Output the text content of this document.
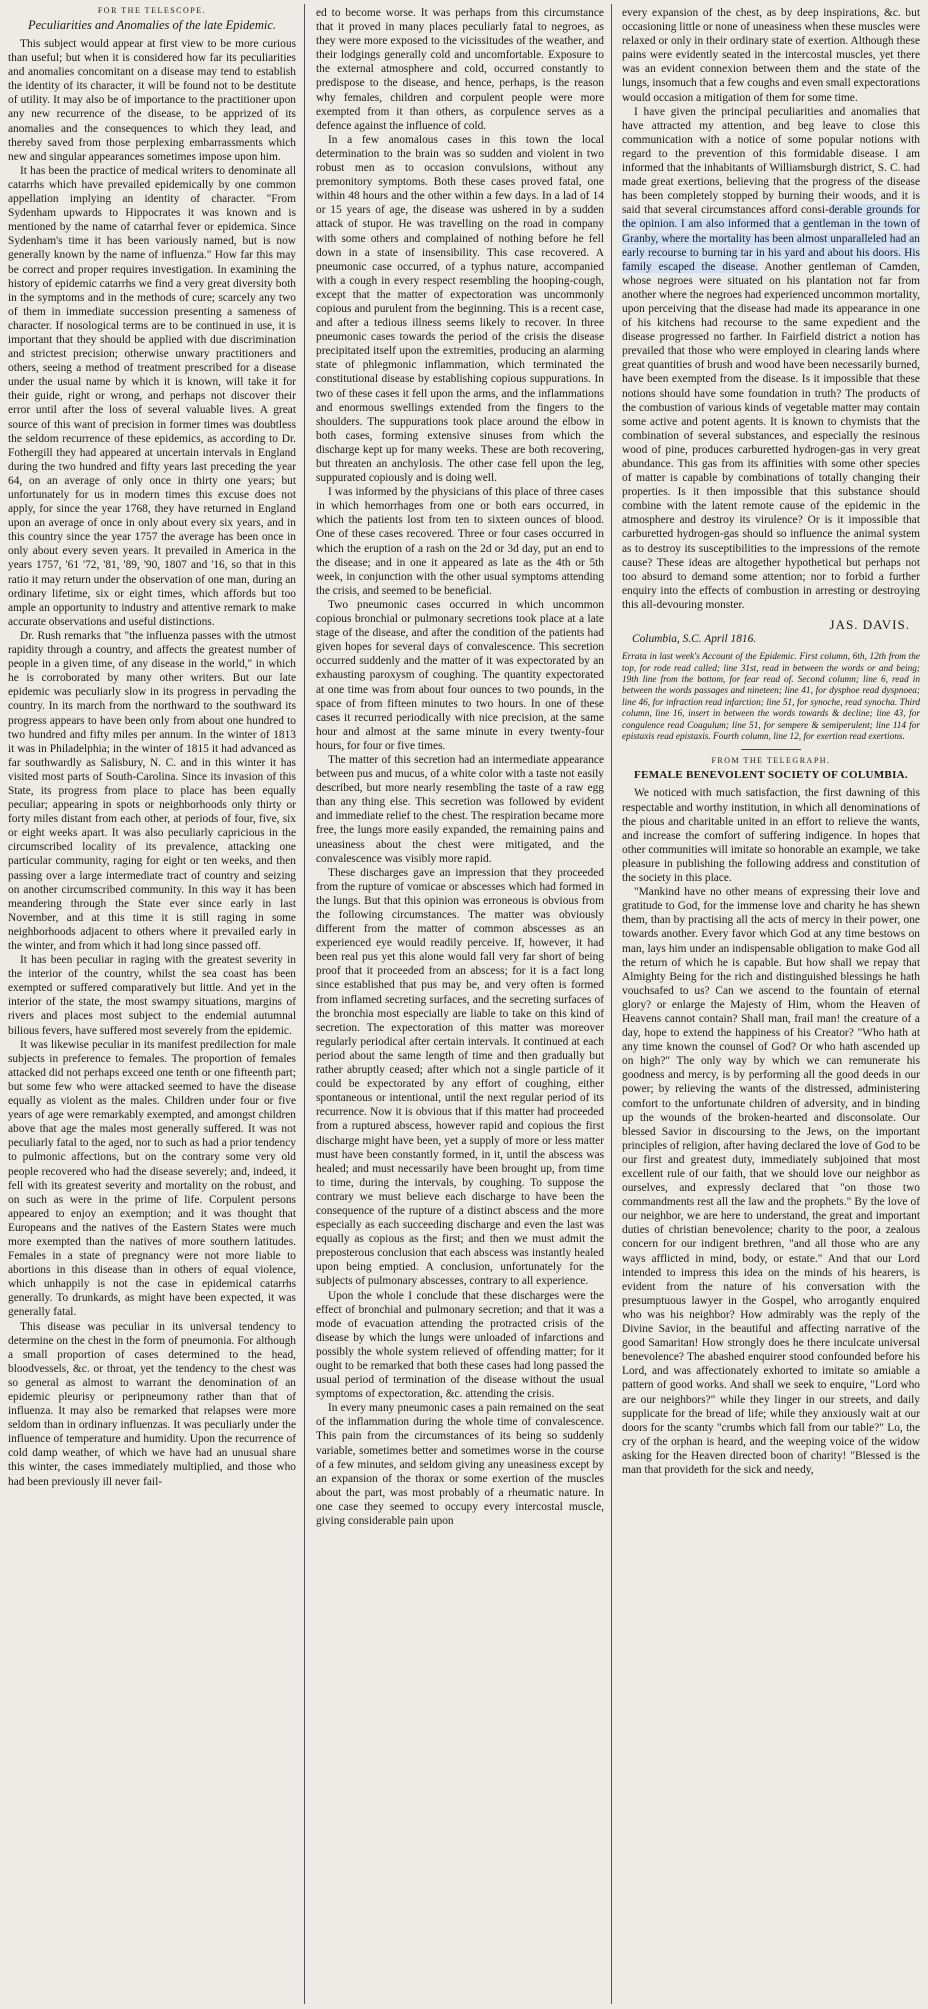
FOR THE TELESCOPE.
Peculiarities and Anomalies of the late Epidemic.

This subject would appear at first view to be more curious than useful; but when it is considered how far its peculiarities and anomalies concomitant on a disease may tend to establish the identity of its character, it will be found not to be destitute of utility. It may also be of importance to the practitioner upon any new recurrence of the disease, to be apprized of its anomalies and the consequences to which they lead, and thereby saved from those perplexing embarrassments which new and singular appearances sometimes impose upon him.

It has been the practice of medical writers to denominate all catarrhs which have prevailed epidemically by one common appellation implying an identity of character. "From Sydenham upwards to Hippocrates it was known and is mentioned by the name of catarrhal fever or epidemica. Since Sydenham's time it has been variously named, but is now generally known by the name of influenza." How far this may be correct and proper requires investigation. In examining the history of epidemic catarrhs we find a very great diversity both in the symptoms and in the methods of cure; scarcely any two of them in immediate succession presenting a sameness of character. If nosological terms are to be continued in use, it is important that they should be applied with due discrimination and strictest precision; otherwise unwary practitioners and others, seeing a method of treatment prescribed for a disease under the usual name by which it is known, will take it for their guide, right or wrong, and perhaps not discover their error until after the loss of several valuable lives. A great source of this want of precision in former times was doubtless the seldom recurrence of these epidemics, as according to Dr. Fothergill they had appeared at uncertain intervals in England during the two hundred and fifty years last preceding the year 64, on an average of only once in thirty one years; but unfortunately for us in modern times this excuse does not apply, for since the year 1768, they have returned in England upon an average of once in only about every six years, and in this country since the year 1757 the average has been once in only about every seven years. It prevailed in America in the years 1757, '61 '72, '81, '89, '90, 1807 and '16, so that in this ratio it may return under the observation of one man, during an ordinary lifetime, six or eight times, which affords but too ample an opportunity to industry and attentive remark to make accurate observations and useful distinctions.

Dr. Rush remarks that "the influenza passes with the utmost rapidity through a country, and affects the greatest number of people in a given time, of any disease in the world," in which he is corroborated by many other writers. But our late epidemic was peculiarly slow in its progress in pervading the country. In its march from the northward to the southward its progress appears to have been only from about one hundred to two hundred and fifty miles per annum. In the winter of 1813 it was in Philadelphia; in the winter of 1815 it had advanced as far southwardly as Salisbury, N. C. and in this winter it has visited most parts of South-Carolina. Since its invasion of this State, its progress from place to place has been equally peculiar; appearing in spots or neighborhoods only thirty or forty miles distant from each other, at periods of four, five, six or eight weeks apart. It was also peculiarly capricious in the circumscribed locality of its prevalence, attacking one particular community, raging for eight or ten weeks, and then passing over a large intermediate tract of country and seizing on another circumscribed community. In this way it has been meandering through the State ever since early in last November, and at this time it is still raging in some neighborhoods adjacent to others where it prevailed early in the winter, and from which it had long since passed off.

It has been peculiar in raging with the greatest severity in the interior of the country, whilst the sea coast has been exempted or suffered comparatively but little. And yet in the interior of the state, the most swampy situations, margins of rivers and places most subject to the endemial autumnal bilious fevers, have suffered most severely from the epidemic.

It was likewise peculiar in its manifest predilection for male subjects in preference to females. The proportion of females attacked did not perhaps exceed one tenth or one fifteenth part; but some few who were attacked seemed to have the disease equally as violent as the males. Children under four or five years of age were remarkably exempted, and amongst children above that age the males most generally suffered. It was not peculiarly fatal to the aged, nor to such as had a prior tendency to pulmonic affections, but on the contrary some very old people recovered who had the disease severely; and, indeed, it fell with its greatest severity and mortality on the robust, and on such as were in the prime of life. Corpulent persons appeared to enjoy an exemption; and it was thought that Europeans and the natives of the Eastern States were much more exempted than the natives of more southern latitudes. Females in a state of pregnancy were not more liable to abortions in this disease than in others of equal violence, which unhappily is not the case in epidemical catarrhs generally. To drunkards, as might have been expected, it was generally fatal.

This disease was peculiar in its universal tendency to determine on the chest in the form of pneumonia. For although a small proportion of cases determined to the head, bloodvessels, &c. or throat, yet the tendency to the chest was so general as almost to warrant the denomination of an epidemic pleurisy or peripneumony rather than that of influenza. It may also be remarked that relapses were more seldom than in ordinary influenzas. It was peculiarly under the influence of temperature and humidity. Upon the recurrence of cold damp weather, of which we have had an unusual share this winter, the cases immediately multiplied, and those who had been previously ill never fail-

ed to become worse. It was perhaps from this circumstance that it proved in many places peculiarly fatal to negroes, as they were more exposed to the vicissitudes of the weather, and their lodgings generally cold and uncomfortable. Exposure to the external atmosphere and cold, occurred constantly to predispose to the disease, and hence, perhaps, is the reason why females, children and corpulent people were more exempted from it than others, as corpulence serves as a defence against the influence of cold.

In a few anomalous cases in this town the local determination to the brain was so sudden and violent in two robust men as to occasion convulsions, without any premonitory symptoms. Both these cases proved fatal, one within 48 hours and the other within a few days. In a lad of 14 or 15 years of age, the disease was ushered in by a sudden attack of stupor. He was travelling on the road in company with some others and complained of nothing before he fell down in a state of insensibility. This case recovered. A pneumonic case occurred, of a typhus nature, accompanied with a cough in every respect resembling the hooping-cough, except that the matter of expectoration was uncommonly copious and purulent from the beginning. This is a recent case, and after a tedious illness seems likely to recover. In three pneumonic cases towards the period of the crisis the disease precipitated itself upon the extremities, producing an alarming state of phlegmonic inflammation, which terminated the constitutional disease by establishing copious suppurations. In two of these cases it fell upon the arms, and the inflammations and enormous swellings extended from the fingers to the shoulders. The suppurations took place around the elbow in both cases, forming extensive sinuses from which the discharge kept up for many weeks. These are both recovering, but threaten an anchylosis. The other case fell upon the leg, suppurated copiously and is doing well.

I was informed by the physicians of this place of three cases in which hemorrhages from one or both ears occurred, in which the patients lost from ten to sixteen ounces of blood. One of these cases recovered. Three or four cases occurred in which the eruption of a rash on the 2d or 3d day, put an end to the disease; and in one it appeared as late as the 4th or 5th week, in conjunction with the other usual symptoms attending the crisis, and seemed to be beneficial.

Two pneumonic cases occurred in which uncommon copious bronchial or pulmonary secretions took place at a late stage of the disease, and after the condition of the patients had given hopes for several days of convalescence. This secretion occurred suddenly and the matter of it was expectorated by an exhausting paroxysm of coughing. The quantity expectorated at one time was from about four ounces to two pounds, in the space of from fifteen minutes to two hours. In one of these cases it recurred periodically with nice precision, at the same hour and almost at the same minute in every twenty-four hours, for four or five times.

The matter of this secretion had an intermediate appearance between pus and mucus, of a white color with a taste not easily described, but more nearly resembling the taste of a raw egg than any thing else. This secretion was followed by evident and immediate relief to the chest. The respiration became more free, the lungs more easily expanded, the remaining pains and uneasiness about the chest were mitigated, and the convalescence was visibly more rapid.

These discharges gave an impression that they proceeded from the rupture of vomicae or abscesses which had formed in the lungs. But that this opinion was erroneous is obvious from the following circumstances. The matter was obviously different from the matter of common abscesses as an experienced eye would readily perceive. If, however, it had been real pus yet this alone would fall very far short of being proof that it proceeded from an abscess; for it is a fact long since established that pus may be, and very often is formed from inflamed secreting surfaces, and the secreting surfaces of the bronchia most especially are liable to take on this kind of secretion. The expectoration of this matter was moreover regularly periodical after certain intervals. It continued at each period about the same length of time and then gradually but rather abruptly ceased; after which not a single particle of it could be expectorated by any effort of coughing, either spontaneous or intentional, until the next regular period of its recurrence. Now it is obvious that if this matter had proceeded from a ruptured abscess, however rapid and copious the first discharge might have been, yet a supply of more or less matter must have been constantly formed, in it, until the abscess was healed; and must necessarily have been brought up, from time to time, during the intervals, by coughing. To suppose the contrary we must believe each discharge to have been the consequence of the rupture of a distinct abscess and the more especially as each succeeding discharge and even the last was equally as copious as the first; and then we must admit the preposterous conclusion that each abscess was instantly healed upon being emptied. A conclusion, unfortunately for the subjects of pulmonary abscesses, contrary to all experience.

Upon the whole I conclude that these discharges were the effect of bronchial and pulmonary secretion; and that it was a mode of evacuation attending the protracted crisis of the disease by which the lungs were unloaded of infarctions and possibly the whole system relieved of offending matter; for it ought to be remarked that both these cases had long passed the usual period of termination of the disease without the usual symptoms of expectoration, &c. attending the crisis.

In every many pneumonic cases a pain remained on the seat of the inflammation during the whole time of convalescence. This pain from the circumstances of its being so suddenly variable, sometimes better and sometimes worse in the course of a few minutes, and seldom giving any uneasiness except by an expansion of the thorax or some exertion of the muscles about the part, was most probably of a rheumatic nature. In one case they seemed to occupy every intercostal muscle, giving considerable pain upon

every expansion of the chest, as by deep inspirations, &c. but occasioning little or none of uneasiness when these muscles were relaxed or only in their ordinary state of exertion. Although these pains were evidently seated in the intercostal muscles, yet there was an evident connexion between them and the state of the lungs, insomuch that a few coughs and even small expectorations would occasion a mitigation of them for some time.

I have given the principal peculiarities and anomalies that have attracted my attention, and beg leave to close this communication with a notice of some popular notions with regard to the prevention of this formidable disease. I am informed that the inhabitants of Williamsburgh district, S. C. had made great exertions, believing that the progress of the disease has been completely stopped by burning their woods, and it is said that several circumstances afford consi-derable grounds for the opinion. I am also informed that a gentleman in the town of Granby, where the mortality has been almost unparalleled had an early recourse to burning tar in his yard and about his doors. His family escaped the disease. Another gentleman of Camden, whose negroes were situated on his plantation not far from another where the negroes had experienced uncommon mortality, upon perceiving that the disease had made its appearance in one of his kitchens had recourse to the same expedient and the disease progressed no farther. In Fairfield district a notion has prevailed that those who were employed in clearing lands where great quantities of brush and wood have been necessarily burned, have been exempted from the disease. Is it impossible that these notions should have some foundation in truth? The products of the combustion of various kinds of vegetable matter may contain some active and potent agents. It is known to chymists that the combination of several substances, and especially the resinous wood of pine, produces carburetted hydrogen-gas in very great abundance. This gas from its affinities with some other species of matter is capable by combinations of totally changing their properties. Is it then impossible that this substance should combine with the latent remote cause of the epidemic in the atmosphere and destroy its virulence? Or is it impossible that carburetted hydrogen-gas should so influence the animal system as to destroy its susceptibilities to the impressions of the remote cause? These ideas are altogether hypothetical but perhaps not too absurd to demand some attention; nor to forbid a further enquiry into the effects of combustion in arresting or destroying this all-devouring monster.

JAS. DAVIS.
Columbia, S.C. April 1816.
Errata in last week's Account of the Epidemic. First column, 6th, 12th from the top, for rode read called; line 31st, read in between the words or and being; 19th line from the bottom, for fear read of. Second column; line 6, read in between the words passages and nineteen; line 41, for dysphoe read dyspnoea; line 46, for infraction read infarction; line 51, for synoche, read synocha. Third column, line 16, insert in between the words towards & decline; line 43, for congulence read Coagulum; line 51, for sempere & semiperulent; line 114 for epistaxis read epistaxis. Fourth column, line 12, for exertion read exertions.
FROM THE TELEGRAPH.
FEMALE BENEVOLENT SOCIETY OF COLUMBIA.

We noticed with much satisfaction, the first dawning of this respectable and worthy institution, in which all denominations of the pious and charitable united in an effort to relieve the wants, and increase the comfort of suffering indigence. In hopes that other communities will imitate so honorable an example, we take pleasure in publishing the following address and constitution of the society in this place.

"Mankind have no other means of expressing their love and gratitude to God, for the immense love and charity he has shewn them, than by practising all the acts of mercy in their power, one towards another. Every favor which God at any time bestows on man, lays him under an indispensable obligation to make God all the return of which he is capable. But how shall we repay that Almighty Being for the rich and distinguished blessings he hath vouchsafed to us? Can we ascend to the fountain of eternal glory? or enlarge the Majesty of Him, whom the Heaven of Heavens cannot contain? Shall man, frail man! the creature of a day, hope to extend the happiness of his Creator? "Who hath at any time known the counsel of God? Or who hath ascended up on high?" The only way by which we can remunerate his goodness and mercy, is by performing all the good deeds in our power; by relieving the wants of the distressed, administering comfort to the unfortunate children of adversity, and in binding up the wounds of the broken-hearted and disconsolate. Our blessed Savior in discoursing to the Jews, on the important principles of religion, after having declared the love of God to be our first and greatest duty, immediately subjoined that most excellent rule of our faith, that we should love our neighbor as ourselves, and expressly declared that "on those two commandments rest all the law and the prophets." By the love of our neighbor, we are here to understand, the great and important duties of christian benevolence; charity to the poor, a zealous concern for our indigent brethren, "and all those who are any ways afflicted in mind, body, or estate." And that our Lord intended to impress this idea on the minds of his hearers, is evident from the nature of his conversation with the presumptuous lawyer in the Gospel, who arrogantly enquired who was his neighbor? How admirably was the reply of the Divine Savior, in the beautiful and affecting narrative of the good Samaritan! How strongly does he there inculcate universal benevolence? The abashed enquirer stood confounded before his Lord, and was affectionately exhorted to imitate so amiable a pattern of good works. And shall we seek to enquire, "Lord who are our neighbors?" while they linger in our streets, and daily supplicate for the bread of life; while they anxiously wait at our doors for the scanty "crumbs which fall from our table?" Lo, the cry of the orphan is heard, and the weeping voice of the widow asking for the Heaven directed boon of charity! "Blessed is the man that provideth for the sick and needy,
